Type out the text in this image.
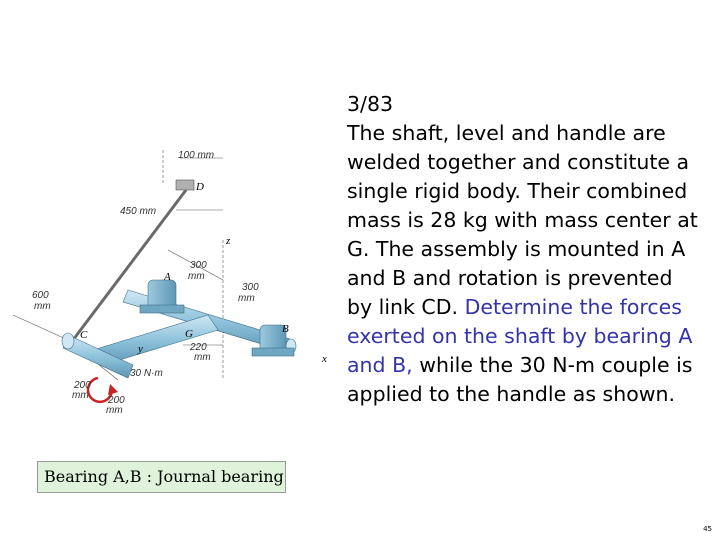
100 mm
450 mm
300
mm
300
mm
600
mm
220
mm
200
mm 200
mm
30 N·m
D
A
B
C	G
z
y
x
3/83
The shaft, level and handle are welded together and constitute a single rigid body. Their combined mass is 28 kg with mass center at G. The assembly is mounted in A and B and rotation is prevented by link CD. Determine the forces exerted on the shaft by bearing A and B, while the 30 N-m couple is applied to the handle as shown.
Bearing A,B : Journal bearing
45
